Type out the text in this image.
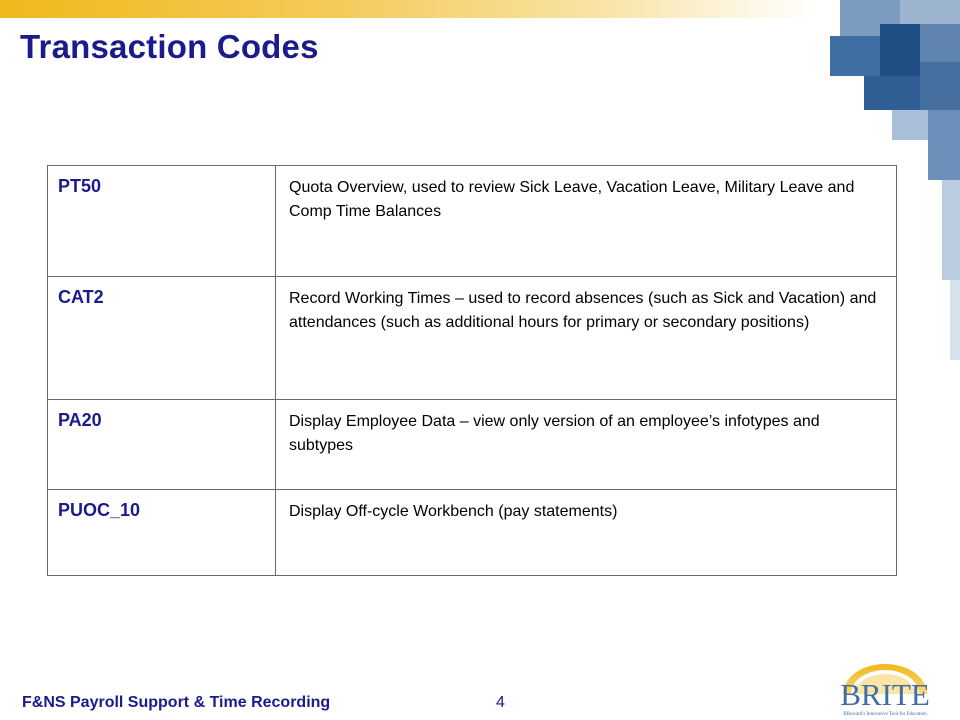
Transaction Codes
PT50	Quota Overview, used to review Sick Leave, Vacation Leave, Military Leave and Comp Time Balances
CAT2	Record Working Times – used to record absences (such as Sick and Vacation) and attendances (such as additional hours for primary or secondary positions)
PA20	Display Employee Data – view only version of an employee’s infotypes and subtypes
PUOC_10	Display Off-cycle Workbench (pay statements)
F&NS Payroll Support & Time Recording	4	BRITE
BRoward's Innovative Tool for Education
